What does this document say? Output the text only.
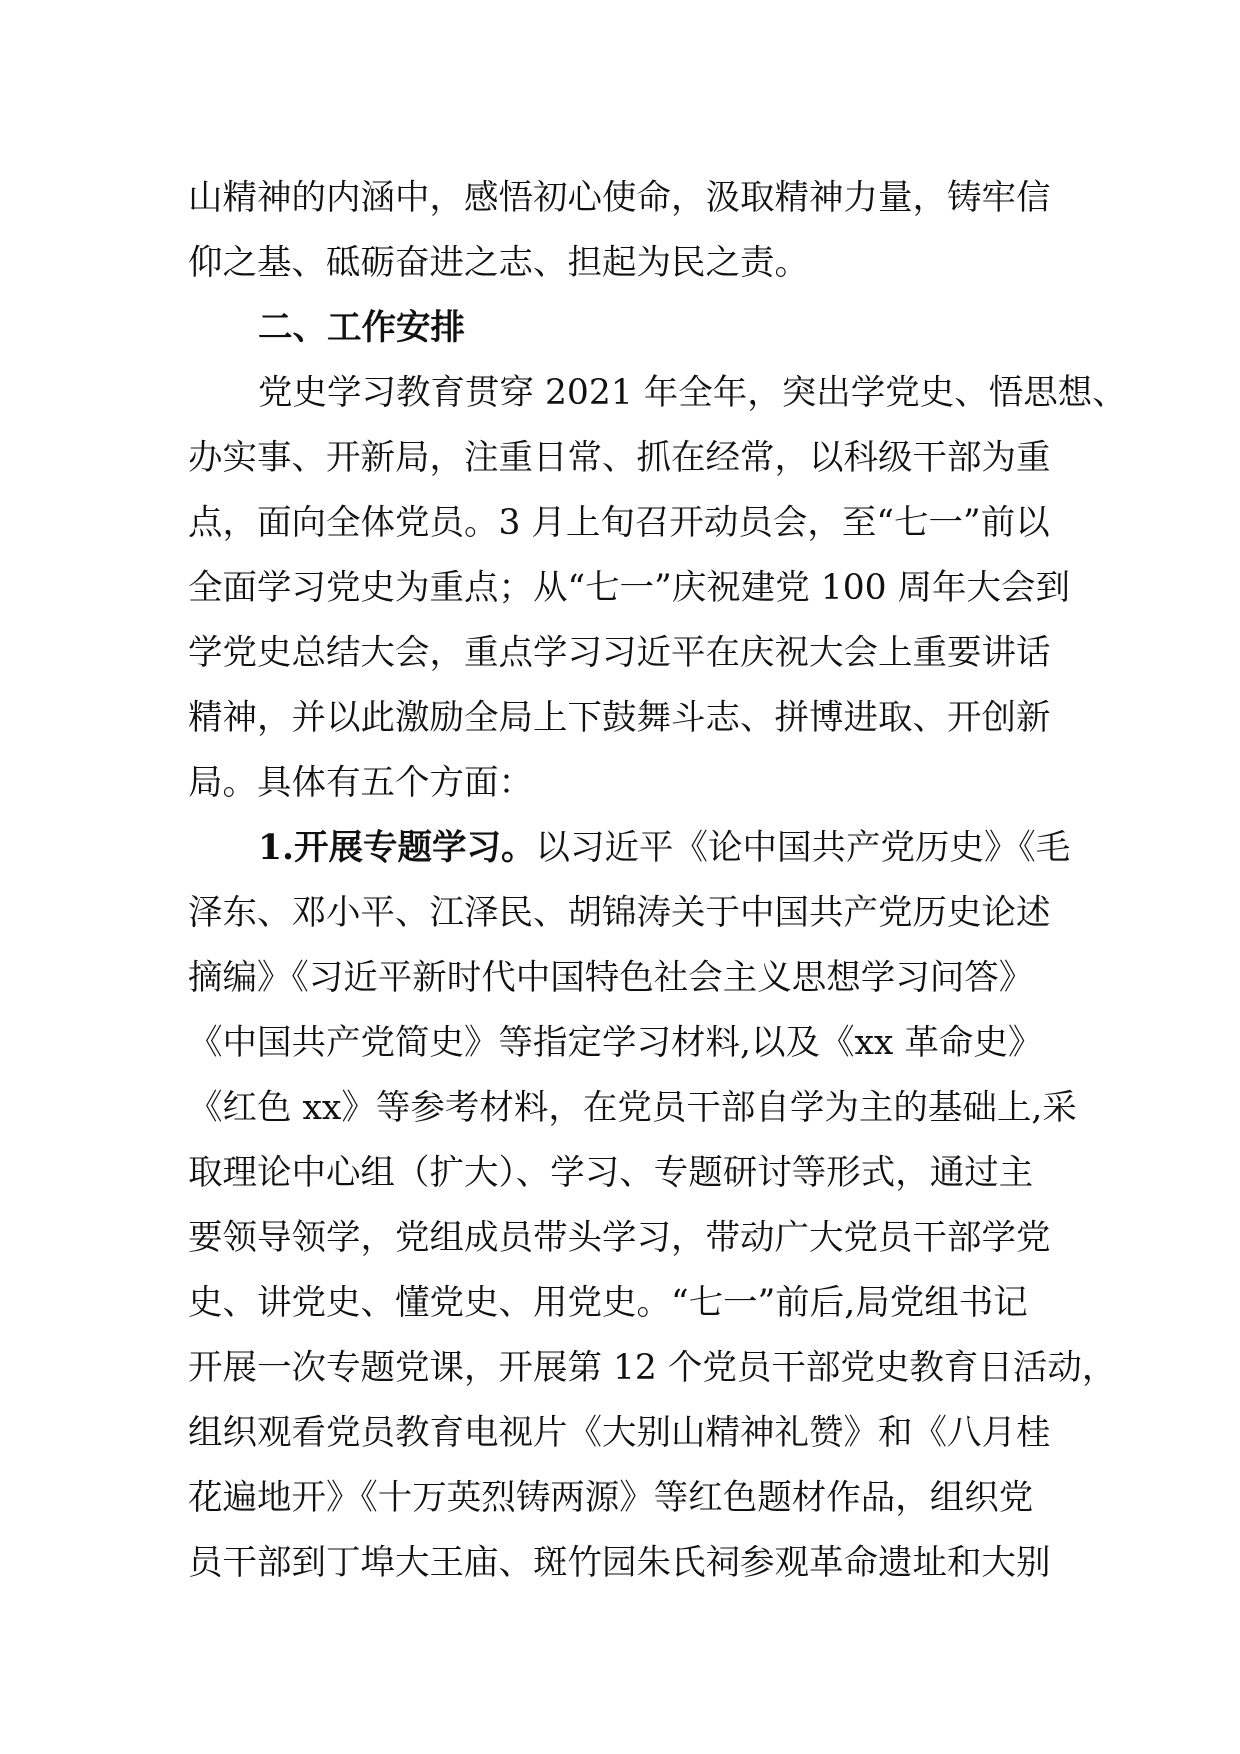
山精神的内涵中，感悟初心使命，汲取精神力量，铸牢信
仰之基、砥砺奋进之志、担起为民之责。
二、工作安排
党史学习教育贯穿 2021 年全年，突出学党史、悟思想、
办实事、开新局，注重日常、抓在经常，以科级干部为重
点，面向全体党员。3 月上旬召开动员会，至“七一”前以
全面学习党史为重点；从“七一”庆祝建党 100 周年大会到
学党史总结大会，重点学习习近平在庆祝大会上重要讲话
精神，并以此激励全局上下鼓舞斗志、拼博进取、开创新
局。具体有五个方面：
1.开展专题学习。以习近平《论中国共产党历史》《毛
泽东、邓小平、江泽民、胡锦涛关于中国共产党历史论述
摘编》《习近平新时代中国特色社会主义思想学习问答》
《中国共产党简史》等指定学习材料,以及《xx 革命史》
《红色 xx》等参考材料，在党员干部自学为主的基础上,采
取理论中心组（扩大）、学习、专题研讨等形式，通过主
要领导领学，党组成员带头学习，带动广大党员干部学党
史、讲党史、懂党史、用党史。“七一”前后,局党组书记
开展一次专题党课，开展第 12 个党员干部党史教育日活动，
组织观看党员教育电视片《大别山精神礼赞》和《八月桂
花遍地开》《十万英烈铸两源》等红色题材作品，组织党
员干部到丁埠大王庙、斑竹园朱氏祠参观革命遗址和大别
